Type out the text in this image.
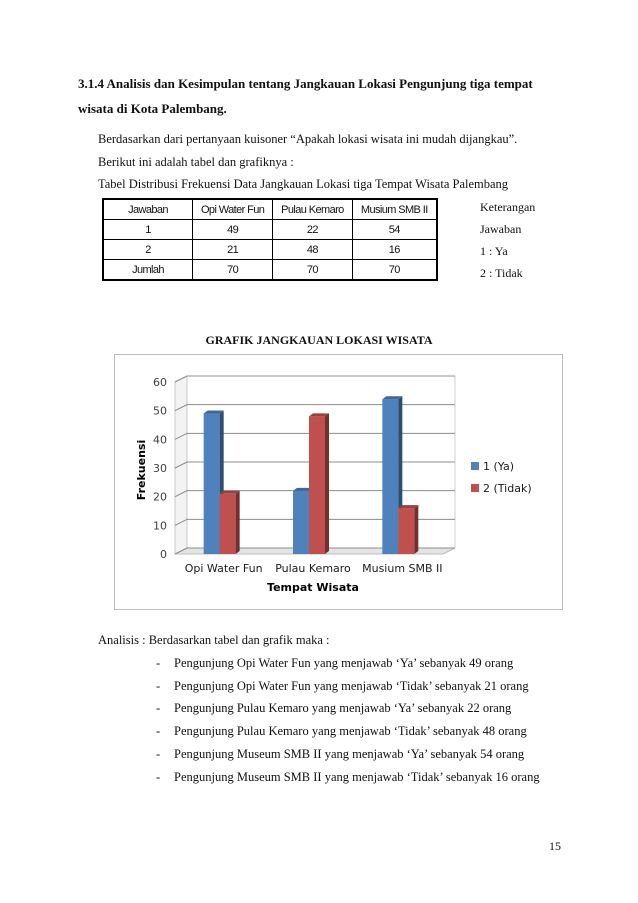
3.1.4 Analisis dan Kesimpulan tentang Jangkauan Lokasi Pengunjung tiga tempat
wisata di Kota Palembang.
Berdasarkan dari pertanyaan kuisoner “Apakah lokasi wisata ini mudah dijangkau”.
Berikut ini adalah tabel dan grafiknya :
Tabel Distribusi Frekuensi Data Jangkauan Lokasi tiga Tempat Wisata Palembang
Jawaban	Opi Water Fun	Pulau Kemaro	Musium SMB II
1	49	22	54
2	21	48	16
Jumlah	70	70	70
Keterangan
Jawaban
1 : Ya
2 : Tidak
GRAFIK JANGKAUAN LOKASI WISATA
0
10
20
30
40
50
60
Opi Water Fun Pulau Kemaro Musium SMB II
Tempat Wisata
Frekuensi	1 (Ya)
2 (Tidak)
Analisis : Berdasarkan tabel dan grafik maka :
- Pengunjung Opi Water Fun yang menjawab ‘Ya’ sebanyak 49 orang
- Pengunjung Opi Water Fun yang menjawab ‘Tidak’ sebanyak 21 orang
- Pengunjung Pulau Kemaro yang menjawab ‘Ya’ sebanyak 22 orang
- Pengunjung Pulau Kemaro yang menjawab ‘Tidak’ sebanyak 48 orang
- Pengunjung Museum SMB II yang menjawab ‘Ya’ sebanyak 54 orang
- Pengunjung Museum SMB II yang menjawab ‘Tidak’ sebanyak 16 orang
15
